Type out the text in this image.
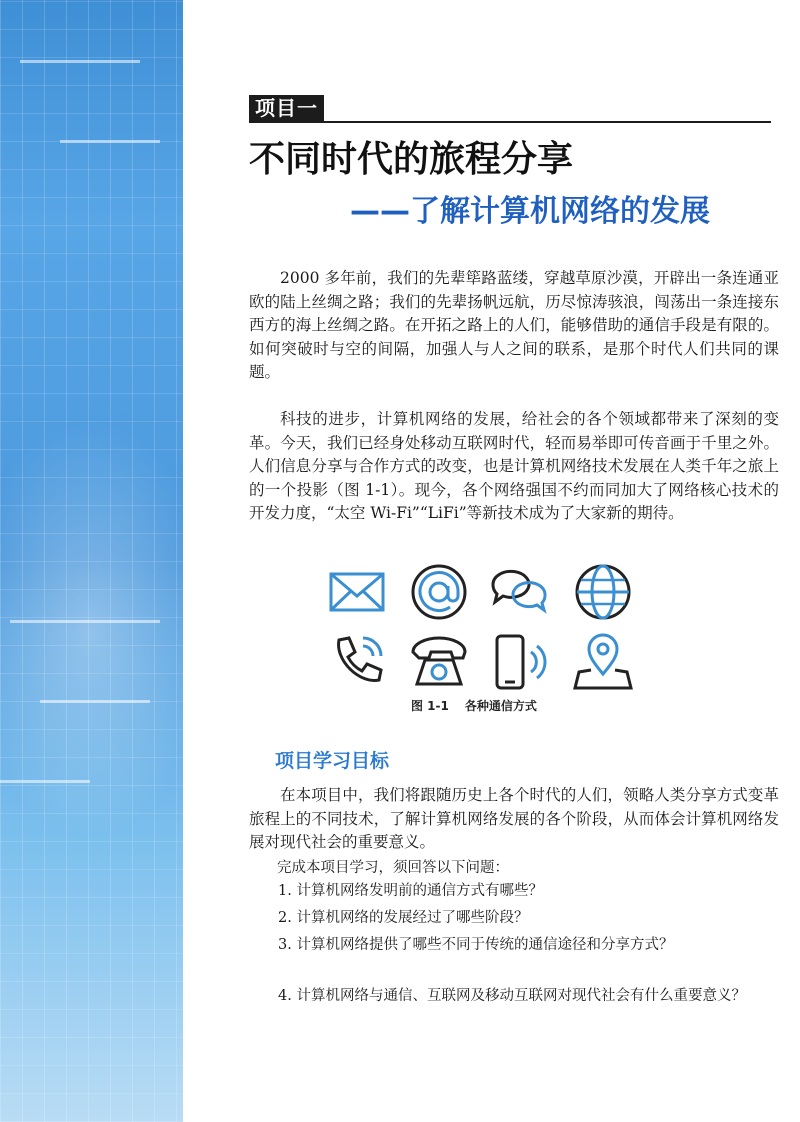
项目一
不同时代的旅程分享
——了解计算机网络的发展

2000 多年前，我们的先辈筚路蓝缕，穿越草原沙漠，开辟出一条连通亚欧的陆上丝绸之路；我们的先辈扬帆远航，历尽惊涛骇浪，闯荡出一条连接东西方的海上丝绸之路。在开拓之路上的人们，能够借助的通信手段是有限的。如何突破时与空的间隔，加强人与人之间的联系，是那个时代人们共同的课题。

科技的进步，计算机网络的发展，给社会的各个领域都带来了深刻的变革。今天，我们已经身处移动互联网时代，轻而易举即可传音画于千里之外。人们信息分享与合作方式的改变，也是计算机网络技术发展在人类千年之旅上的一个投影（图 1-1）。现今，各个网络强国不约而同加大了网络核心技术的开发力度，“太空 Wi-Fi”“LiFi”等新技术成为了大家新的期待。

图 1-1 各种通信方式
项目学习目标

在本项目中，我们将跟随历史上各个时代的人们，领略人类分享方式变革旅程上的不同技术，了解计算机网络发展的各个阶段，从而体会计算机网络发展对现代社会的重要意义。

完成本项目学习，须回答以下问题：
1. 计算机网络发明前的通信方式有哪些？
2. 计算机网络的发展经过了哪些阶段？
3. 计算机网络提供了哪些不同于传统的通信途径和分享方式？
4. 计算机网络与通信、互联网及移动互联网对现代社会有什么重要意义？
